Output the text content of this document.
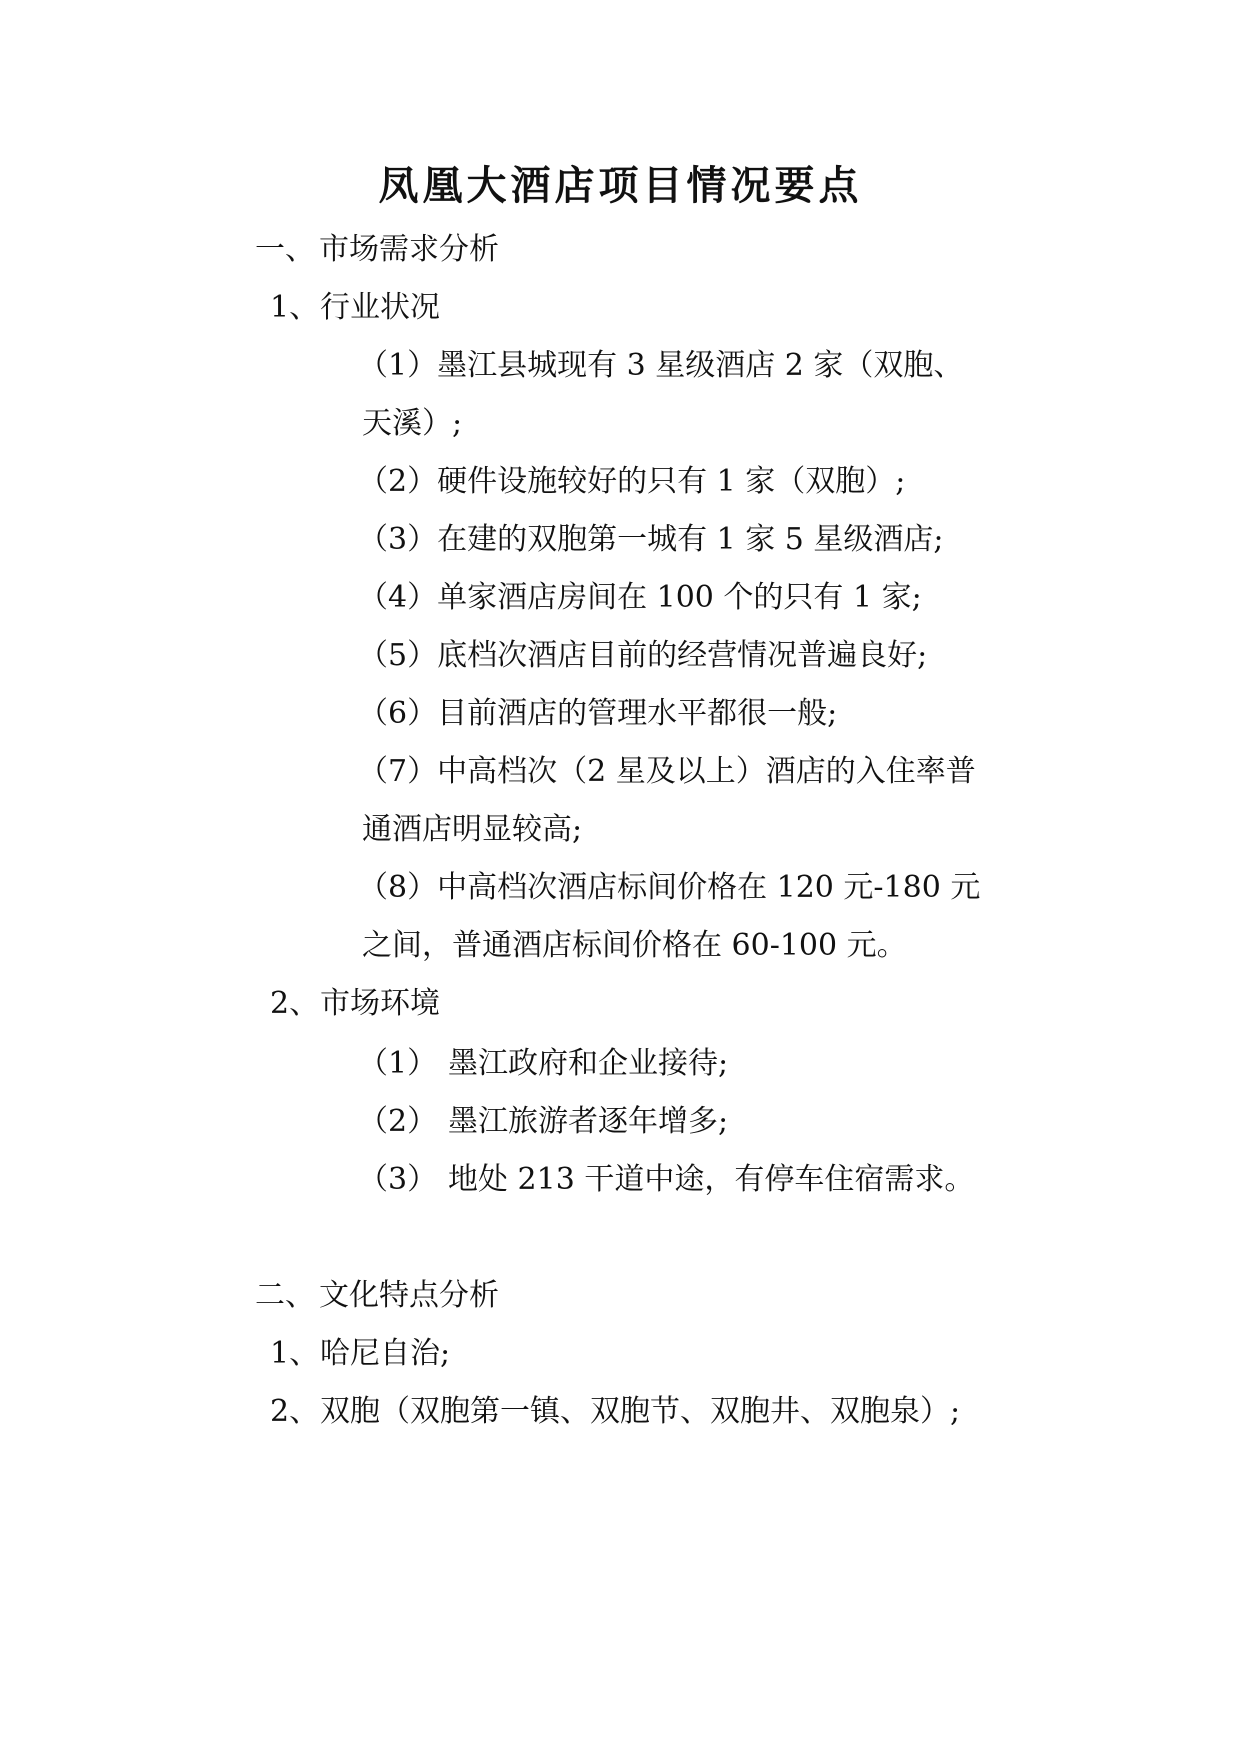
凤凰大酒店项目情况要点
一、 市场需求分析
1、行业状况
（1）墨江县城现有 3 星级酒店 2 家（双胞、
天溪）;
（2）硬件设施较好的只有 1 家（双胞）;
（3）在建的双胞第一城有 1 家 5 星级酒店;
（4）单家酒店房间在 100 个的只有 1 家;
（5）底档次酒店目前的经营情况普遍良好;
（6）目前酒店的管理水平都很一般;
（7）中高档次（2 星及以上）酒店的入住率普
通酒店明显较高;
（8）中高档次酒店标间价格在 120 元-180 元
之间，普通酒店标间价格在 60-100 元。
2、市场环境
（1） 墨江政府和企业接待;
（2） 墨江旅游者逐年增多;
（3） 地处 213 干道中途，有停车住宿需求。
二、 文化特点分析
1、哈尼自治;
2、双胞（双胞第一镇、双胞节、双胞井、双胞泉）;
